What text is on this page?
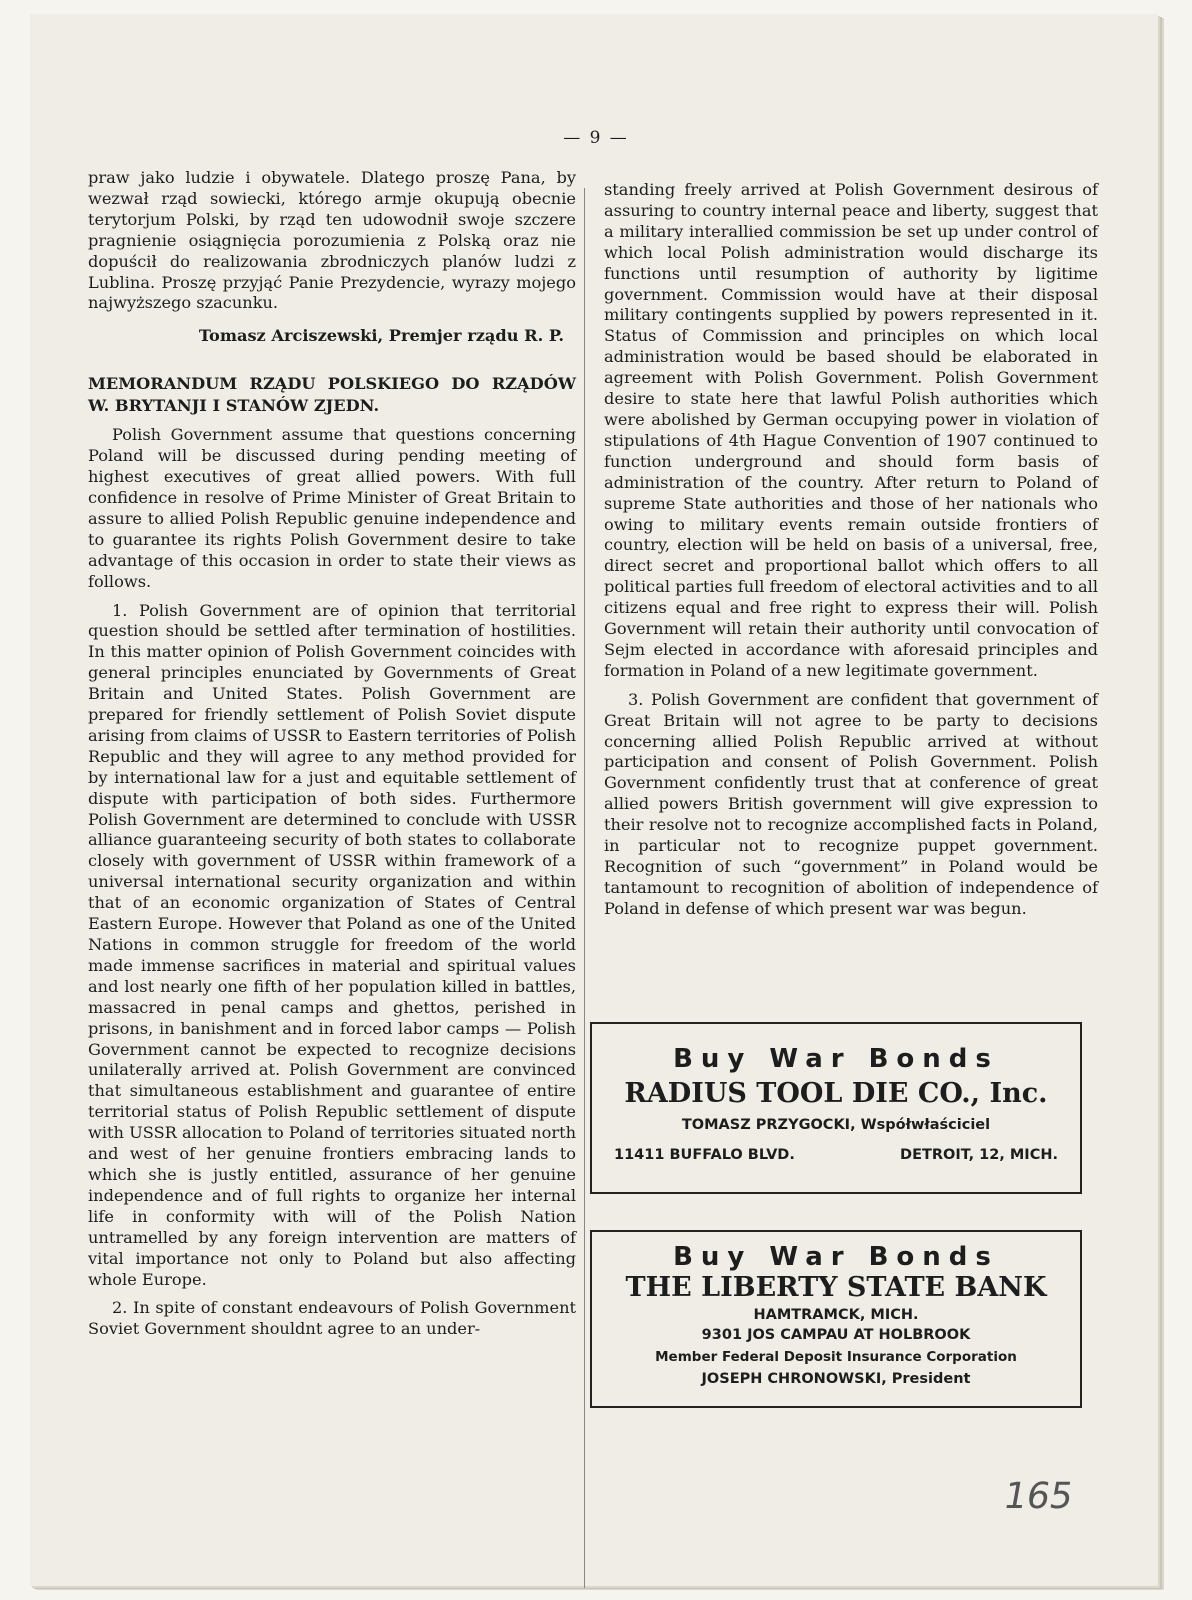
— 9 —

praw jako ludzie i obywatele. Dlatego proszę Pana, by wezwał rząd sowiecki, którego armje okupują obecnie terytorjum Polski, by rząd ten udowodnił swoje szczere pragnienie osiągnięcia porozumienia z Polską oraz nie dopuścił do realizowania zbrodniczych planów ludzi z Lublina. Proszę przyjąć Panie Prezydencie, wyrazy mojego najwyższego szacunku.

Tomasz Arciszewski, Premjer rządu R. P.

MEMORANDUM RZĄDU POLSKIEGO DO RZĄDÓW W. BRYTANJI I STANÓW ZJEDN.

Polish Government assume that questions concerning Poland will be discussed during pending meeting of highest executives of great allied powers. With full confidence in resolve of Prime Minister of Great Britain to assure to allied Polish Republic genuine independence and to guarantee its rights Polish Government desire to take advantage of this occasion in order to state their views as follows.

1. Polish Government are of opinion that territorial question should be settled after termination of hostilities. In this matter opinion of Polish Government coincides with general principles enunciated by Governments of Great Britain and United States. Polish Government are prepared for friendly settlement of Polish Soviet dispute arising from claims of USSR to Eastern territories of Polish Republic and they will agree to any method provided for by international law for a just and equitable settlement of dispute with participation of both sides. Furthermore Polish Government are determined to conclude with USSR alliance guaranteeing security of both states to collaborate closely with government of USSR within framework of a universal international security organization and within that of an economic organization of States of Central Eastern Europe. However that Poland as one of the United Nations in common struggle for freedom of the world made immense sacrifices in material and spiritual values and lost nearly one fifth of her population killed in battles, massacred in penal camps and ghettos, perished in prisons, in banishment and in forced labor camps — Polish Government cannot be expected to recognize decisions unilaterally arrived at. Polish Government are convinced that simultaneous establishment and guarantee of entire territorial status of Polish Republic settlement of dispute with USSR allocation to Poland of territories situated north and west of her genuine frontiers embracing lands to which she is justly entitled, assurance of her genuine independence and of full rights to organize her internal life in conformity with will of the Polish Nation untramelled by any foreign intervention are matters of vital importance not only to Poland but also affecting whole Europe.

2. In spite of constant endeavours of Polish Government Soviet Government shouldnt agree to an under-

standing freely arrived at Polish Government desirous of assuring to country internal peace and liberty, suggest that a military interallied commission be set up under control of which local Polish administration would discharge its functions until resumption of authority by ligitime government. Commission would have at their disposal military contingents supplied by powers represented in it. Status of Commission and principles on which local administration would be based should be elaborated in agreement with Polish Government. Polish Government desire to state here that lawful Polish authorities which were abolished by German occupying power in violation of stipulations of 4th Hague Convention of 1907 continued to function underground and should form basis of administration of the country. After return to Poland of supreme State authorities and those of her nationals who owing to military events remain outside frontiers of country, election will be held on basis of a universal, free, direct secret and proportional ballot which offers to all political parties full freedom of electoral activities and to all citizens equal and free right to express their will. Polish Government will retain their authority until convocation of Sejm elected in accordance with aforesaid principles and formation in Poland of a new legitimate government.

3. Polish Government are confident that government of Great Britain will not agree to be party to decisions concerning allied Polish Republic arrived at without participation and consent of Polish Government. Polish Government confidently trust that at conference of great allied powers British government will give expression to their resolve not to recognize accomplished facts in Poland, in particular not to recognize puppet government. Recognition of such “government” in Poland would be tantamount to recognition of abolition of independence of Poland in defense of which present war was begun.

Buy War Bonds
RADIUS TOOL DIE CO., Inc.
TOMASZ PRZYGOCKI, Współwłaściciel
11411 BUFFALO BLVD.	DETROIT, 12, MICH.
Buy War Bonds
THE LIBERTY STATE BANK
HAMTRAMCK, MICH.
9301 JOS CAMPAU AT HOLBROOK
Member Federal Deposit Insurance Corporation
JOSEPH CHRONOWSKI, President
165
